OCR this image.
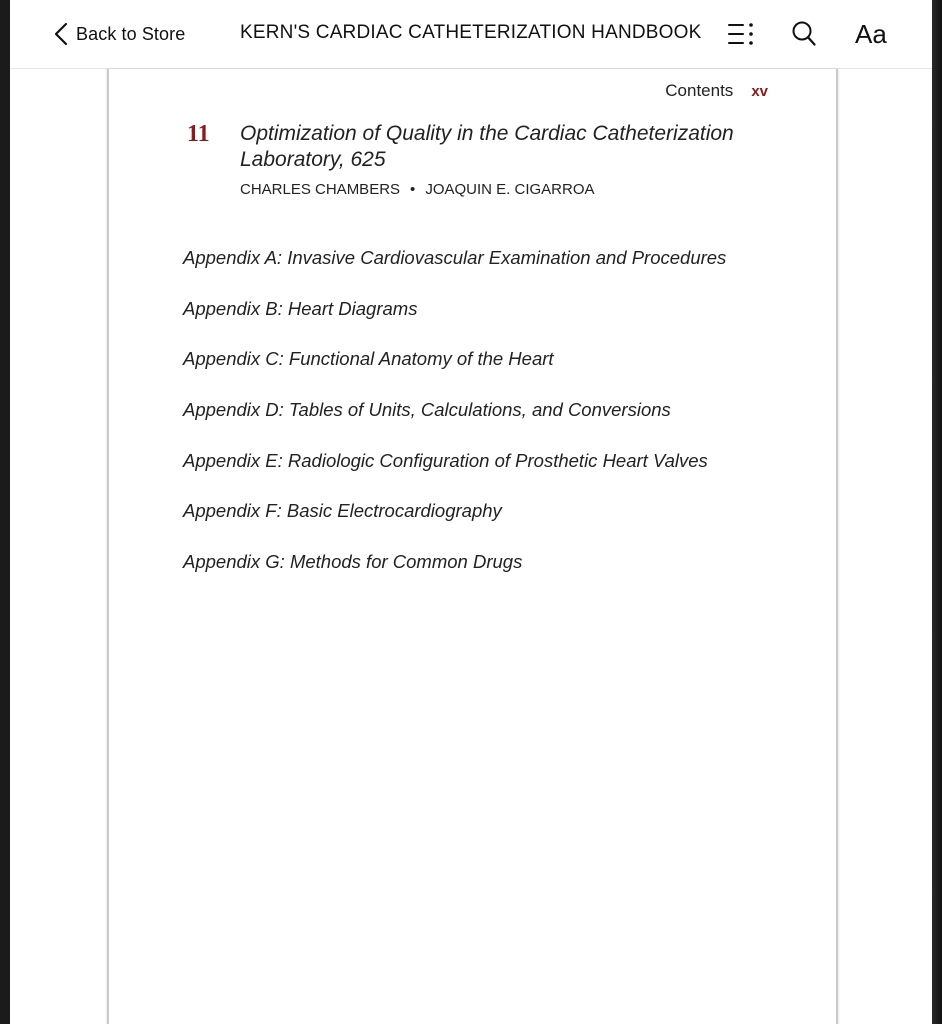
Back to Store	KERN'S CARDIAC CATHETERIZATION HANDBOOK	Aa
Contents xv
11 Optimization of Quality in the Cardiac Catheterization Laboratory, 625
CHARLES CHAMBERS • JOAQUIN E. CIGARROA
Appendix A: Invasive Cardiovascular Examination and Procedures
Appendix B: Heart Diagrams
Appendix C: Functional Anatomy of the Heart
Appendix D: Tables of Units, Calculations, and Conversions
Appendix E: Radiologic Configuration of Prosthetic Heart Valves
Appendix F: Basic Electrocardiography
Appendix G: Methods for Common Drugs
